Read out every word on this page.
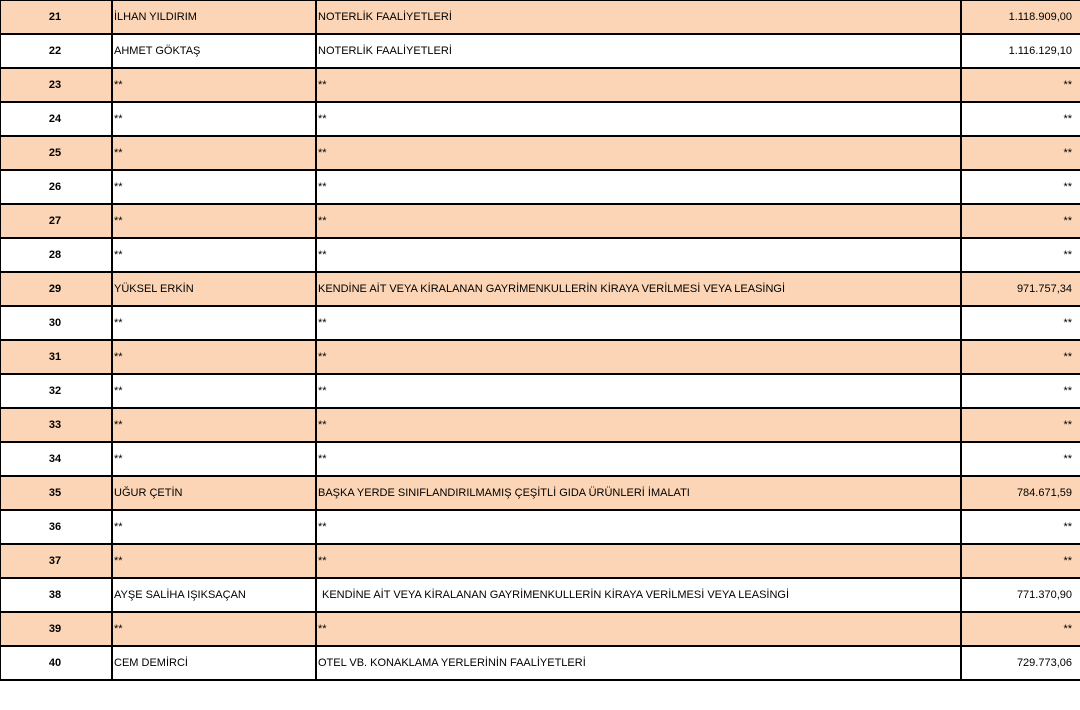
21	İLHAN YILDIRIM	NOTERLİK FAALİYETLERİ	1.118.909,00
22	AHMET GÖKTAŞ	NOTERLİK FAALİYETLERİ	1.116.129,10
23	**	**	**
24	**	**	**
25	**	**	**
26	**	**	**
27	**	**	**
28	**	**	**
29	YÜKSEL ERKİN	KENDİNE AİT VEYA KİRALANAN GAYRİMENKULLERİN KİRAYA VERİLMESİ VEYA LEASİNGİ	971.757,34
30	**	**	**
31	**	**	**
32	**	**	**
33	**	**	**
34	**	**	**
35	UĞUR ÇETİN	BAŞKA YERDE SINIFLANDIRILMAMIŞ ÇEŞİTLİ GIDA ÜRÜNLERİ İMALATI	784.671,59
36	**	**	**
37	**	**	**
38	AYŞE SALİHA IŞIKSAÇAN	KENDİNE AİT VEYA KİRALANAN GAYRİMENKULLERİN KİRAYA VERİLMESİ VEYA LEASİNGİ	771.370,90
39	**	**	**
40	CEM DEMİRCİ	OTEL VB. KONAKLAMA YERLERİNİN FAALİYETLERİ	729.773,06
